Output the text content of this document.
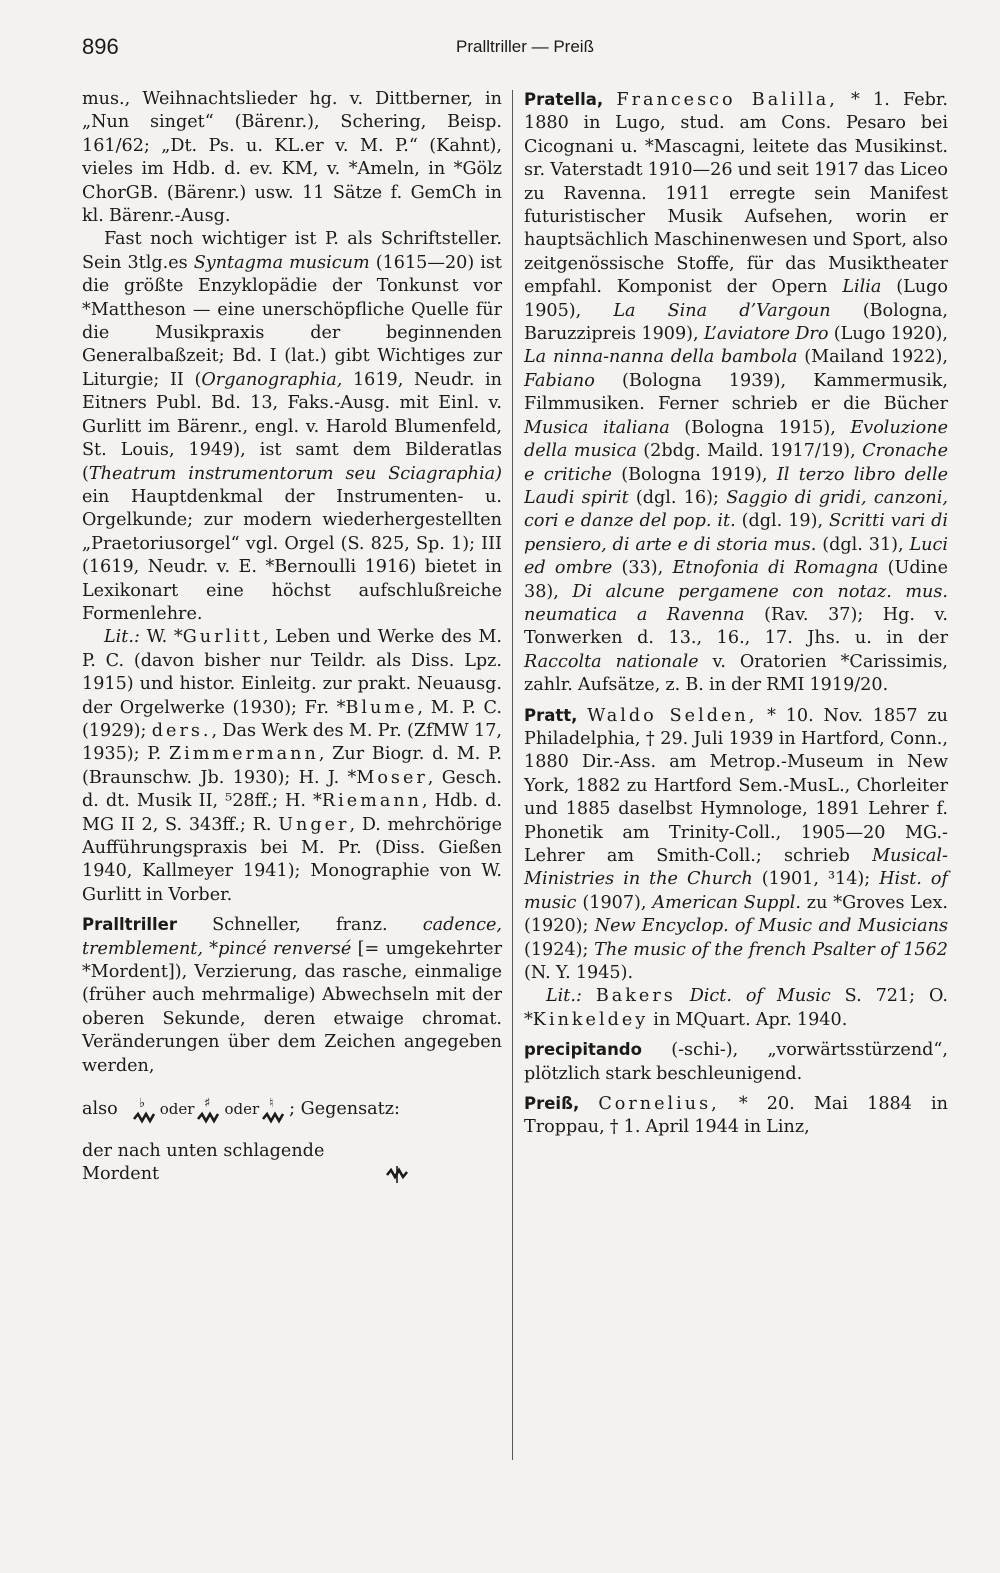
896	Pralltriller — Preiß

mus., Weihnachtslieder hg. v. Dittberner, in „Nun singet“ (Bärenr.), Schering, Beisp. 161/62; „Dt. Ps. u. KL.er v. M. P.“ (Kahnt), vieles im Hdb. d. ev. KM, v. *Ameln, in *Gölz ChorGB. (Bärenr.) usw. 11 Sätze f. GemCh in kl. Bärenr.-Ausg.

Fast noch wichtiger ist P. als Schriftsteller. Sein 3tlg.es Syntagma musicum (1615—20) ist die größte Enzyklopädie der Tonkunst vor *Mattheson — eine unerschöpfliche Quelle für die Musikpraxis der beginnenden Generalbaßzeit; Bd. I (lat.) gibt Wichtiges zur Liturgie; II (Organographia, 1619, Neudr. in Eitners Publ. Bd. 13, Faks.-Ausg. mit Einl. v. Gurlitt im Bärenr., engl. v. Harold Blumenfeld, St. Louis, 1949), ist samt dem Bilderatlas (Theatrum instrumentorum seu Sciagraphia) ein Hauptdenkmal der Instrumenten- u. Orgelkunde; zur modern wiederhergestellten „Praetoriusorgel“ vgl. Orgel (S. 825, Sp. 1); III (1619, Neudr. v. E. *Bernoulli 1916) bietet in Lexikonart eine höchst aufschlußreiche Formenlehre.

Lit.: W. *Gurlitt, Leben und Werke des M. P. C. (davon bisher nur Teildr. als Diss. Lpz. 1915) und histor. Einleitg. zur prakt. Neuausg. der Orgelwerke (1930); Fr. *Blume, M. P. C. (1929); ders., Das Werk des M. Pr. (ZfMW 17, 1935); P. Zimmermann, Zur Biogr. d. M. P. (Braunschw. Jb. 1930); H. J. *Moser, Gesch. d. dt. Musik II, ⁵28ff.; H. *Riemann, Hdb. d. MG II 2, S. 343ff.; R. Unger, D. mehrchörige Aufführungspraxis bei M. Pr. (Diss. Gießen 1940, Kallmeyer 1941); Monographie von W. Gurlitt in Vorber.

Pralltriller Schneller, franz. cadence, tremblement, *pincé renversé [= umgekehrter *Mordent]), Verzierung, das rasche, einmalige (früher auch mehrmalige) Abwechseln mit der oberen Sekunde, deren etwaige chromat. Veränderungen über dem Zeichen angegeben werden,

also ♭ oder ♯ oder ♮ ; Gegensatz:
der nach unten schlagende Mordent

Pratella, Francesco Balilla, * 1. Febr. 1880 in Lugo, stud. am Cons. Pesaro bei Cicognani u. *Mascagni, leitete das Musikinst. sr. Vaterstadt 1910—26 und seit 1917 das Liceo zu Ravenna. 1911 erregte sein Manifest futuristischer Musik Aufsehen, worin er hauptsächlich Maschinenwesen und Sport, also zeitgenössische Stoffe, für das Musiktheater empfahl. Komponist der Opern Lilia (Lugo 1905), La Sina d’Vargoun (Bologna, Baruzzipreis 1909), L’aviatore Dro (Lugo 1920), La ninna-nanna della bambola (Mailand 1922), Fabiano (Bologna 1939), Kammermusik, Filmmusiken. Ferner schrieb er die Bücher Musica italiana (Bologna 1915), Evoluzione della musica (2bdg. Maild. 1917/19), Cronache e critiche (Bologna 1919), Il terzo libro delle Laudi spirit (dgl. 16); Saggio di gridi, canzoni, cori e danze del pop. it. (dgl. 19), Scritti vari di pensiero, di arte e di storia mus. (dgl. 31), Luci ed ombre (33), Etnofonia di Romagna (Udine 38), Di alcune pergamene con notaz. mus. neumatica a Ravenna (Rav. 37); Hg. v. Tonwerken d. 13., 16., 17. Jhs. u. in der Raccolta nationale v. Oratorien *Carissimis, zahlr. Aufsätze, z. B. in der RMI 1919/20.

Pratt, Waldo Selden, * 10. Nov. 1857 zu Philadelphia, † 29. Juli 1939 in Hartford, Conn., 1880 Dir.-Ass. am Metrop.-Museum in New York, 1882 zu Hartford Sem.-MusL., Chorleiter und 1885 daselbst Hymnologe, 1891 Lehrer f. Phonetik am Trinity-Coll., 1905—20 MG.-Lehrer am Smith-Coll.; schrieb Musical-Ministries in the Church (1901, ³14); Hist. of music (1907), American Suppl. zu *Groves Lex. (1920); New Encyclop. of Music and Musicians (1924); The music of the french Psalter of 1562 (N. Y. 1945).

Lit.: Bakers Dict. of Music S. 721; O. *Kinkeldey in MQuart. Apr. 1940.

precipitando (-schi-), „vorwärtsstürzend“, plötzlich stark beschleunigend.

Preiß, Cornelius, * 20. Mai 1884 in Troppau, † 1. April 1944 in Linz,
